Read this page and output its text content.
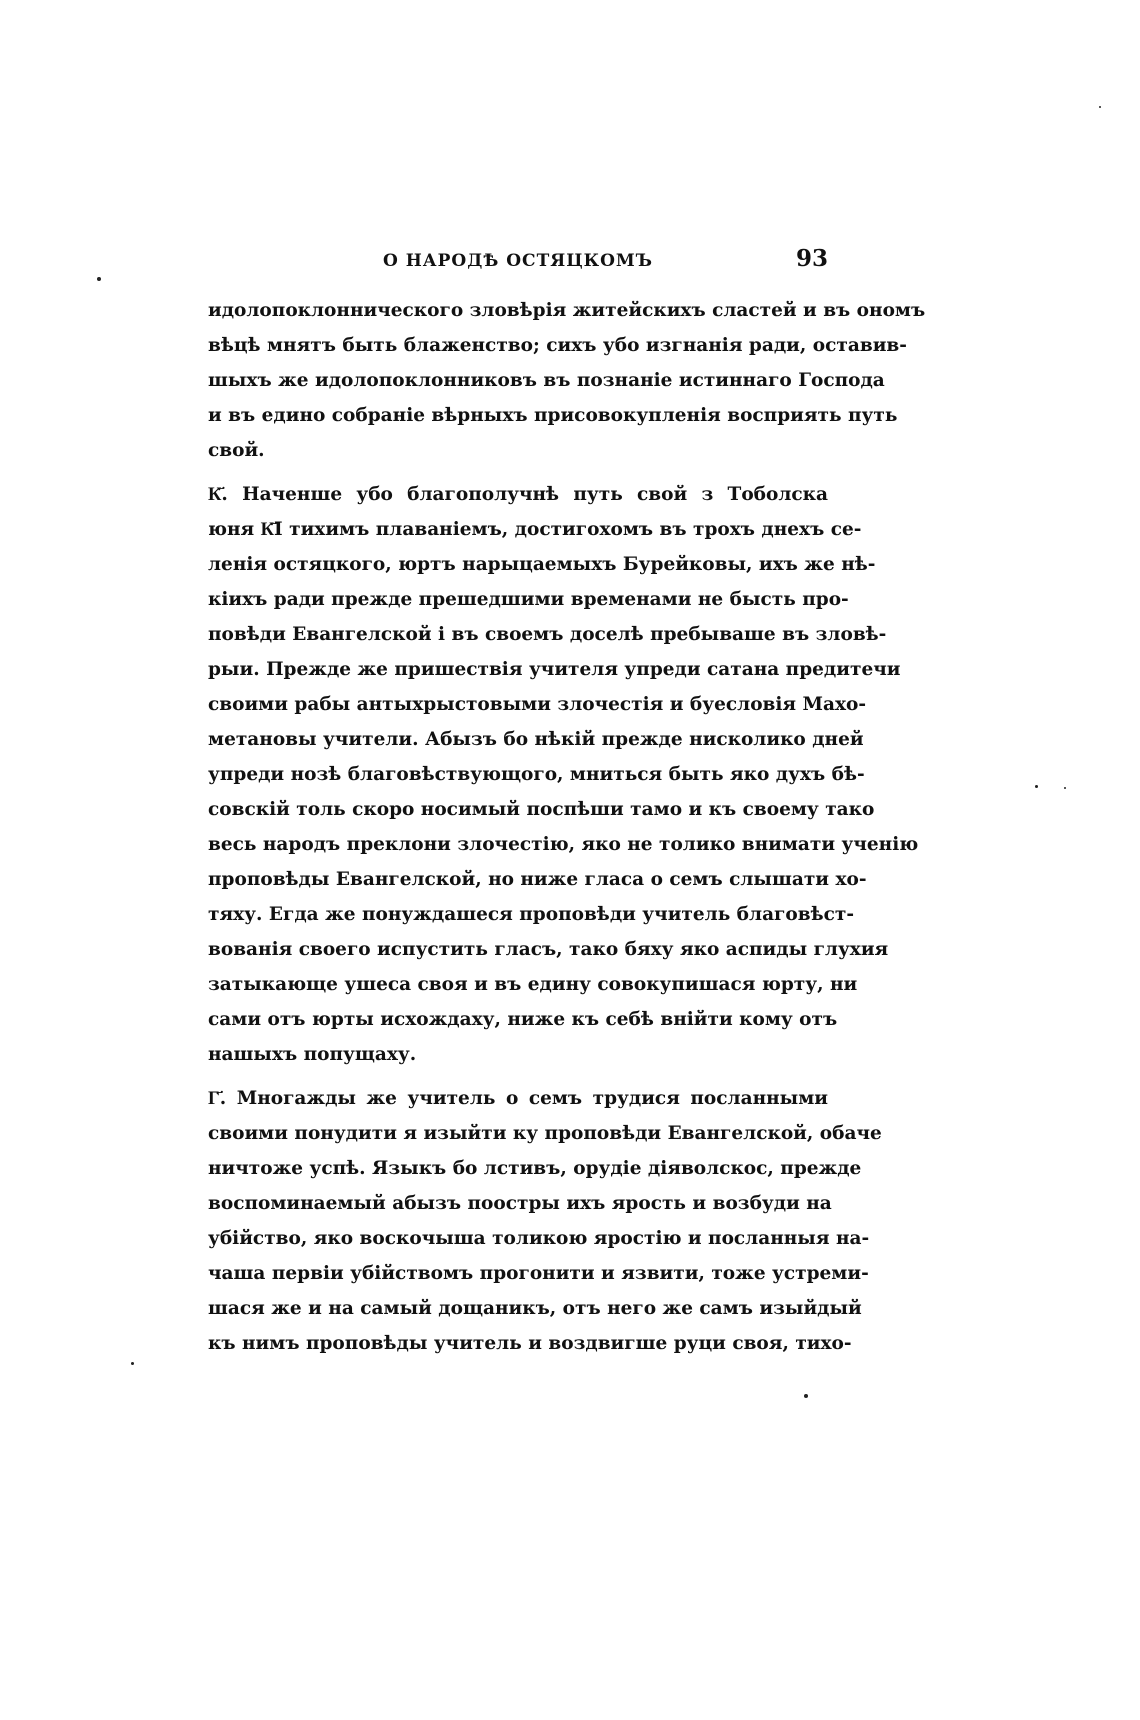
О НАРОДѢ ОСТЯЦКОМЪ	93
идолопоклоннического зловѣрія житейскихъ сластей и въ ономъ
вѣцѣ мнятъ быть блаженство; сихъ убо изгнанія ради, оставив-
шыхъ же идолопоклонниковъ въ познаніе истиннаго Господа
и въ едино собраніе вѣрныхъ присовокупленія восприять путь
свой.
К҃. Наченше убо благополучнѣ путь свой з Тоболска
юня К҃І тихимъ плаваніемъ, достигохомъ въ трохъ днехъ се-
ленія остяцкого, юртъ нарыцаемыхъ Бурейковы, ихъ же нѣ-
кіихъ ради прежде прешедшими временами не бысть про-
повѣди Евангелской і въ своемъ доселѣ пребываше въ зловѣ-
рыи. Прежде же пришествія учителя упреди сатана предитечи
своими рабы антыхрыстовыми злочестія и буесловія Махо-
метановы учители. Абызъ бо нѣкій прежде нисколико дней
упреди нозѣ благовѣствующого, мниться быть яко духъ бѣ-
совскій толь скоро носимый поспѣши тамо и къ своему тако
весь народъ преклони злочестію, яко не толико внимати ученію
проповѣды Евангелской, но ниже гласа о семъ слышати хо-
тяху. Егда же понуждашеся проповѣди учитель благовѣст-
вованія своего испустить гласъ, тако бяху яко аспиды глухия
затыкающе ушеса своя и въ едину совокупишася юрту, ни
сами отъ юрты исхождаху, ниже къ себѣ внійти кому отъ
нашыхъ попущаху.
Г҃. Многажды же учитель о семъ трудися посланными
своими понудити я изыйти ку проповѣди Евангелской, обаче
ничтоже успѣ. Языкъ бо лстивъ, орудіе діяволскос, прежде
воспоминаемый абызъ поостры ихъ ярость и возбуди на
убійство, яко воскочыша толикою яростію и посланныя на-
чаша первіи убійствомъ прогонити и язвити, тоже устреми-
шася же и на самый дощаникъ, отъ него же самъ изыйдый
къ нимъ проповѣды учитель и воздвигше руци своя, тихо-
